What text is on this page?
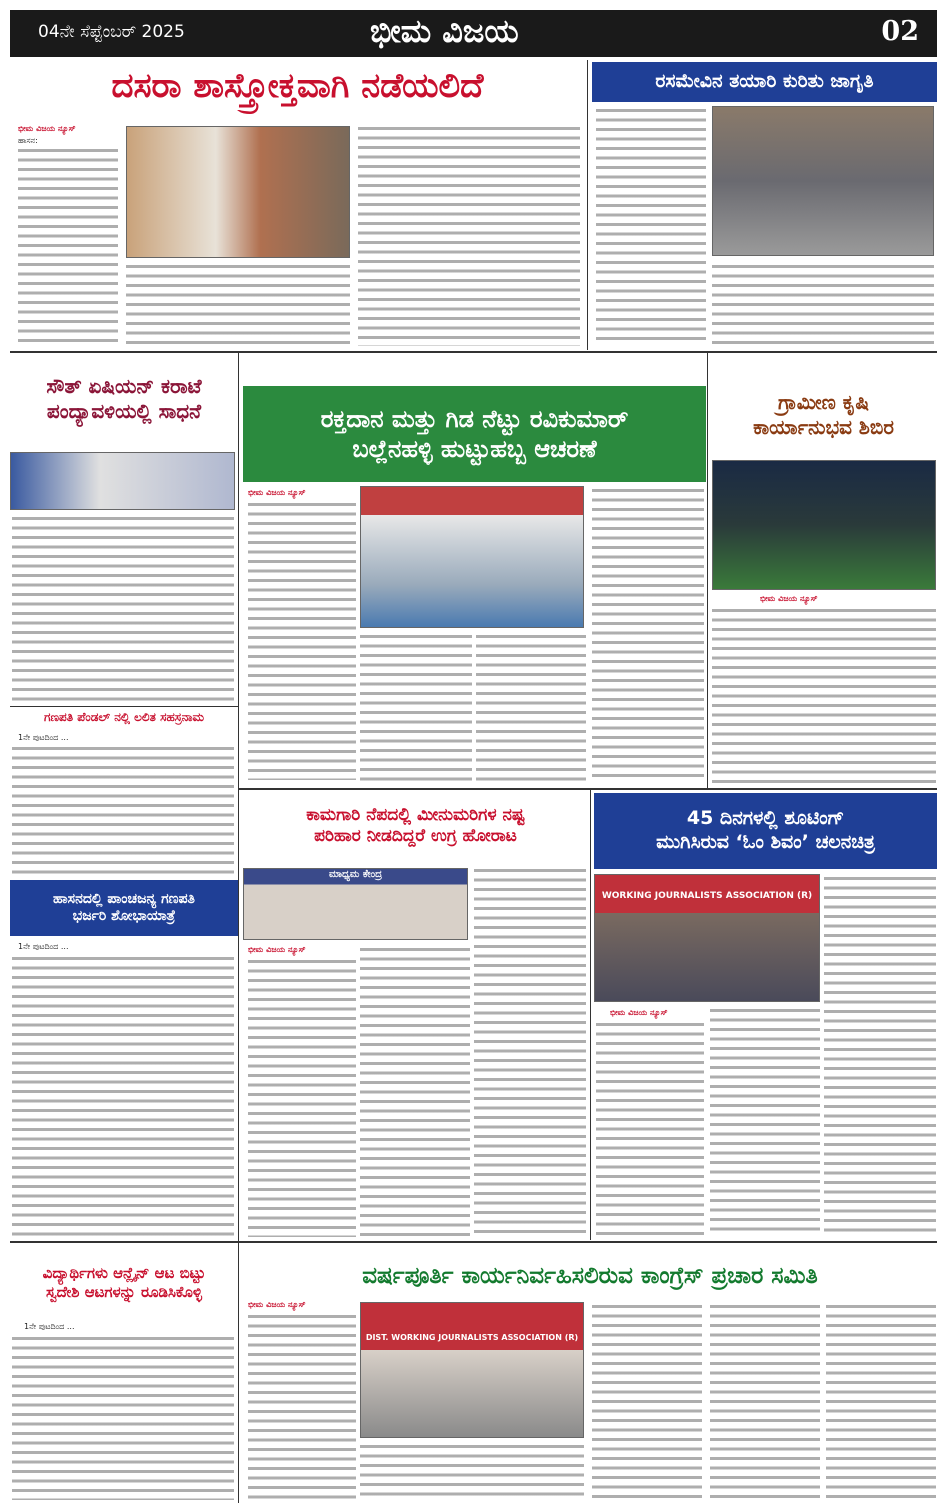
04ನೇ ಸೆಪ್ಟೆಂಬರ್ 2025	ಭೀಮ ವಿಜಯ	02
ದಸರಾ ಶಾಸ್ತ್ರೋಕ್ತವಾಗಿ ನಡೆಯಲಿದೆ
ಭೀಮ ವಿಜಯ ನ್ಯೂಸ್
ಹಾಸನ:
ರಸಮೇವಿನ ತಯಾರಿ ಕುರಿತು ಜಾಗೃತಿ
ಸೌತ್ ಏಷಿಯನ್ ಕರಾಟೆ
ಪಂದ್ಯಾವಳಿಯಲ್ಲಿ ಸಾಧನೆ
ಗಣಪತಿ ಪೆಂಡಲ್ ನಲ್ಲಿ ಲಲಿತ ಸಹಸ್ರನಾಮ
1ನೇ ಪುಟದಿಂದ ...
ಹಾಸನದಲ್ಲಿ ಪಾಂಚಜನ್ಯ ಗಣಪತಿ
ಭರ್ಜರಿ ಶೋಭಾಯಾತ್ರೆ
1ನೇ ಪುಟದಿಂದ ...
ರಕ್ತದಾನ ಮತ್ತು ಗಿಡ ನೆಟ್ಟು ರವಿಕುಮಾರ್
ಬಲ್ಲೆನಹಳ್ಳಿ ಹುಟ್ಟುಹಬ್ಬ ಆಚರಣೆ
ಭೀಮ ವಿಜಯ ನ್ಯೂಸ್
ಗ್ರಾಮೀಣ ಕೃಷಿ
ಕಾರ್ಯಾನುಭವ ಶಿಬಿರ
ಭೀಮ ವಿಜಯ ನ್ಯೂಸ್
ಕಾಮಗಾರಿ ನೆಪದಲ್ಲಿ ಮೀನುಮರಿಗಳ ನಷ್ಟ
ಪರಿಹಾರ ನೀಡದಿದ್ದರೆ ಉಗ್ರ ಹೋರಾಟ
ಮಾಧ್ಯಮ ಕೇಂದ್ರ
ಭೀಮ ವಿಜಯ ನ್ಯೂಸ್
45 ದಿನಗಳಲ್ಲಿ ಶೂಟಿಂಗ್
ಮುಗಿಸಿರುವ ‘ಓಂ ಶಿವಂ’ ಚಲನಚಿತ್ರ
WORKING JOURNALISTS ASSOCIATION (R)
ಭೀಮ ವಿಜಯ ನ್ಯೂಸ್
ವಿದ್ಯಾರ್ಥಿಗಳು ಆನ್ಲೈನ್ ಆಟ ಬಿಟ್ಟು
ಸ್ವದೇಶಿ ಆಟಗಳನ್ನು ರೂಡಿಸಿಕೊಳ್ಳಿ
1ನೇ ಪುಟದಿಂದ ...
ವರ್ಷಪೂರ್ತಿ ಕಾರ್ಯನಿರ್ವಹಿಸಲಿರುವ ಕಾಂಗ್ರೆಸ್ ಪ್ರಚಾರ ಸಮಿತಿ
ಭೀಮ ವಿಜಯ ನ್ಯೂಸ್
DIST. WORKING JOURNALISTS ASSOCIATION (R)
